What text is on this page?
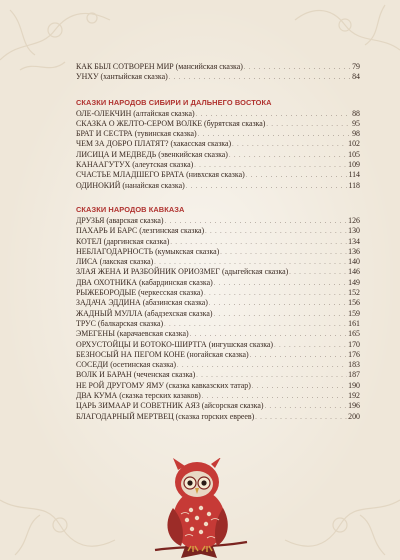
КАК БЫЛ СОТВОРЕН МИР (мансийская сказка) . . .	79
УНХУ (хантыйская сказка) . . .	84
СКАЗКИ НАРОДОВ СИБИРИ И ДАЛЬНЕГО ВОСТОКА
ОЛЕ-ОЛЕКЧИН (алтайская сказка) . . .	88
СКАЗКА О ЖЕЛТО-СЕРОМ ВОЛКЕ (бурятская сказка) . . .	95
БРАТ И СЕСТРА (тувинская сказка) . . .	98
ЧЕМ ЗА ДОБРО ПЛАТЯТ? (хакасская сказка) . . .	102
ЛИСИЦА И МЕДВЕДЬ (эвенкийская сказка) . . .	105
КАНААГУТУХ (алеутская сказка) . . .	109
СЧАСТЬЕ МЛАДШЕГО БРАТА (нивхская сказка) . . .	114
ОДИНОКИЙ (нанайская сказка) . . .	118
СКАЗКИ НАРОДОВ КАВКАЗА
ДРУЗЬЯ (аварская сказка) . . .	126
ПАХАРЬ И БАРС (лезгинская сказка) . . .	130
КОТЕЛ (даргинская сказка) . . .	134
НЕБЛАГОДАРНОСТЬ (кумыкская сказка) . . .	136
ЛИСА (лакская сказка) . . .	140
ЗЛАЯ ЖЕНА И РАЗБОЙНИК ОРИОЗМЕГ (адыгейская сказка) . . .	146
ДВА ОХОТНИКА (кабардинская сказка) . . .	149
РЫЖЕБОРОДЫЕ (черкесская сказка) . . .	152
ЗАДАЧА ЭДДИНА (абазинская сказка) . . .	156
ЖАДНЫЙ МУЛЛА (абадзехская сказка) . . .	159
ТРУС (балкарская сказка) . . .	161
ЭМЕГЕНЫ (карачаевская сказка) . . .	165
ОРХУСТОЙЦЫ И БОТОКО-ШИРТГА (ингушская сказка) . . .	170
БЕЗНОСЫЙ НА ПЕГОМ КОНЕ (ногайская сказка) . . .	176
СОСЕДИ (осетинская сказка) . . .	183
ВОЛК И БАРАН (чеченская сказка) . . .	187
НЕ РОЙ ДРУГОМУ ЯМУ (сказка кавказских татар) . . .	190
ДВА КУМА (сказка терских казаков) . . .	192
ЦАРЬ ЗИМААР И СОВЕТНИК АЯЗ (айсорская сказка) . . .	196
БЛАГОДАРНЫЙ МЕРТВЕЦ (сказка горских евреев) . . .	200
